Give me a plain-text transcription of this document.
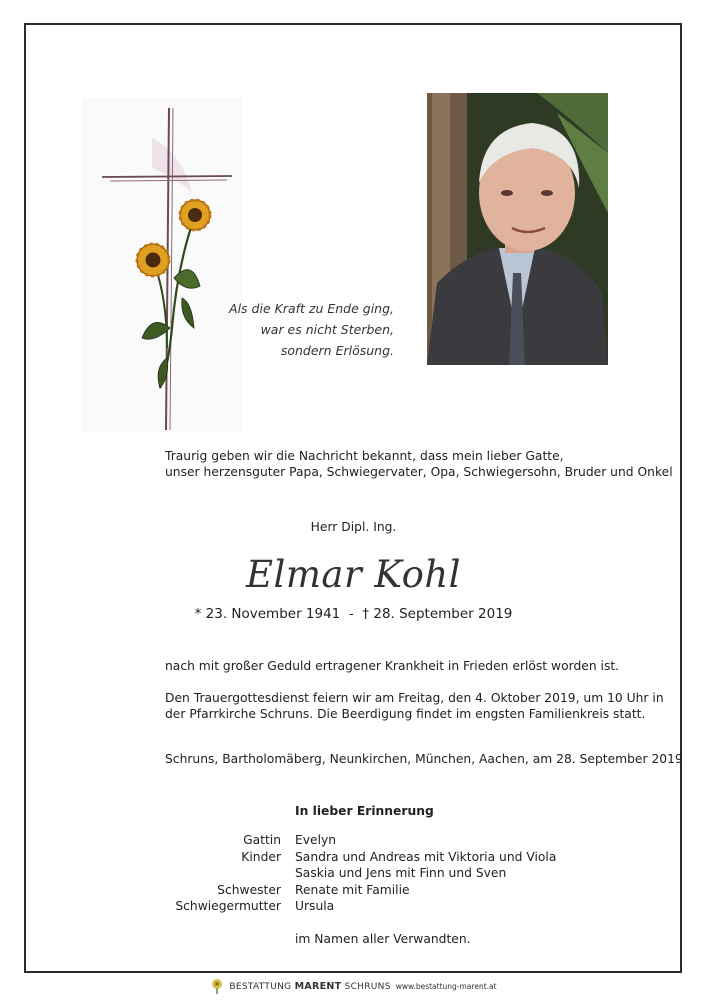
Als die Kraft zu Ende ging,
war es nicht Sterben,
sondern Erlösung.
Traurig geben wir die Nachricht bekannt, dass mein lieber Gatte,
unser herzensguter Papa, Schwiegervater, Opa, Schwiegersohn, Bruder und Onkel
Herr Dipl. Ing.
Elmar Kohl
* 23. November 1941  -  † 28. September 2019
nach mit großer Geduld ertragener Krankheit in Frieden erlöst worden ist.
Den Trauergottesdienst feiern wir am Freitag, den 4. Oktober 2019, um 10 Uhr in
der Pfarrkirche Schruns. Die Beerdigung findet im engsten Familienkreis statt.
Schruns, Bartholomäberg, Neunkirchen, München, Aachen, am 28. September 2019
In lieber Erinnerung
Gattin
Kinder
Schwester
Schwiegermutter
Evelyn
Sandra und Andreas mit Viktoria und Viola
Saskia und Jens mit Finn und Sven
Renate mit Familie
Ursula
im Namen aller Verwandten.
BESTATTUNG MARENT SCHRUNS www.bestattung-marent.at
